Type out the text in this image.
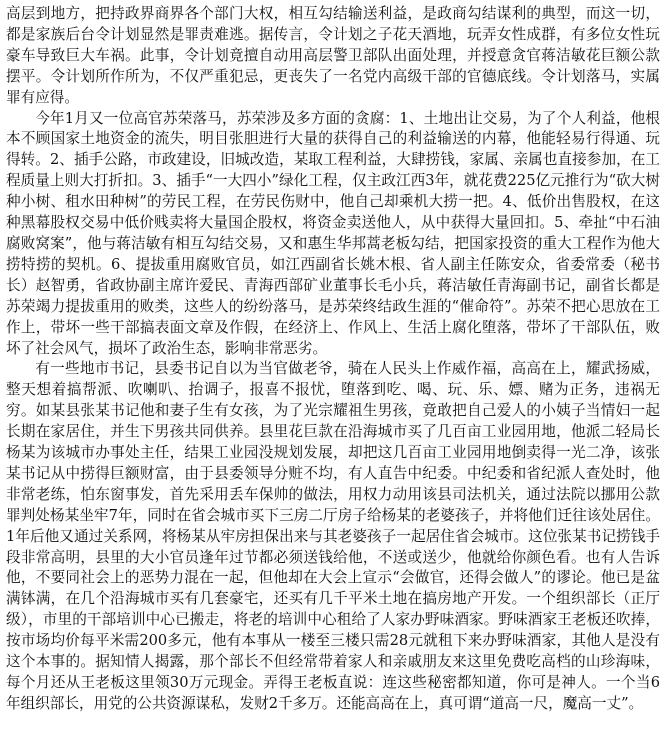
高层到地方，把持政界商界各个部门大权，相互勾结输送利益，是政商勾结谋利的典型，而这一切，都是家族后台令计划显然是罪责难逃。据传言，令计划之子花天酒地，玩弄女性成群，有多位女性玩豪车导致巨大车祸。此事，令计划竟擅自动用高层警卫部队出面处理，并授意贪官蒋洁敏花巨额公款摆平。令计划所作所为，不仅严重犯忌，更丧失了一名党内高级干部的官德底线。令计划落马，实属罪有应得。

今年1月又一位高官苏荣落马，苏荣涉及多方面的贪腐：1、土地出让交易，为了个人利益，他根本不顾国家土地资金的流失，明目张胆进行大量的获得自己的利益输送的内幕，他能轻易行得通、玩得转。2、插手公路，市政建设，旧城改造，某取工程利益，大肆捞钱，家属、亲属也直接参加，在工程质量上则大打折扣。3、插手“一大四小”绿化工程，仅主政江西3年，就花费225亿元推行为“砍大树种小树、租水田种树”的劳民工程，在劳民伤财中，他自己却乘机大捞一把。4、低价出售股权，在这种黑幕股权交易中低价贱卖将大量国企股权，将资金卖送他人，从中获得大量回扣。5、牵扯“中石油腐败窝案”，他与蒋洁敏有相互勾结交易，又和惠生华邦蒿老板勾结，把国家投资的重大工程作为他大捞特捞的契机。6、提拔重用腐败官员，如江西副省长姚木根、省人副主任陈安众，省委常委（秘书长）赵智勇，省政协副主席许爱民、青海西部矿业董事长毛小兵，蒋洁敏任青海副书记，副省长都是苏荣竭力提拔重用的败类，这些人的纷纷落马，是苏荣终结政生涯的“催命符”。苏荣不把心思放在工作上，带坏一些干部搞表面文章及作假，在经济上、作风上、生活上腐化堕落，带坏了干部队伍，败坏了社会风气，损坏了政治生态，影响非常恶劣。

有一些地市书记，县委书记自以为当官做老爷，骑在人民头上作威作福，高高在上，耀武扬威，整天想着搞帮派、吹喇叭、抬调子，报喜不报忧，堕落到吃、喝、玩、乐、嫖、赌为正务，违祸无穷。如某县张某书记他和妻子生有女孩，为了光宗耀祖生男孩，竟敢把自己爱人的小姨子当情妇一起长期在家居住，并生下男孩共同供养。县里花巨款在沿海城市买了几百亩工业园用地，他派二轻局长杨某为该城市办事处主任，结果工业园没规划发展，却把这几百亩工业园用地倒卖得一光二净，该张某书记从中捞得巨额财富，由于县委领导分赃不均，有人直告中纪委。中纪委和省纪派人查处时，他非常老练，怕东窗事发，首先采用丢车保帅的做法，用权力动用该县司法机关，通过法院以挪用公款罪判处杨某坐牢7年，同时在省会城市买下三房二厅房子给杨某的老婆孩子，并将他们迁往该处居住。1年后他又通过关系网，将杨某从牢房担保出来与其老婆孩子一起居住省会城市。这位张某书记捞钱手段非常高明，县里的大小官员逢年过节都必须送钱给他，不送或送少，他就给你颜色看。也有人告诉他，不要同社会上的恶势力混在一起，但他却在大会上宣示“会做官，还得会做人”的谬论。他已是盆满钵满，在几个沿海城市买有几套豪宅，还买有几千平米土地在搞房地产开发。一个组织部长（正厅级），市里的干部培训中心已搬走，将老的培训中心租给了人家办野味酒家。野味酒家王老板还吹捧，按市场均价每平米需200多元，他有本事从一楼至三楼只需28元就租下来办野味酒家，其他人是没有这个本事的。据知情人揭露，那个部长不但经常带着家人和亲戚朋友来这里免费吃高档的山珍海味，每个月还从王老板这里领30万元现金。弄得王老板直说：连这些秘密都知道，你可是神人。一个当6年组织部长，用党的公共资源谋私，发财2千多万。还能高高在上，真可谓“道高一尺，魔高一丈”。
